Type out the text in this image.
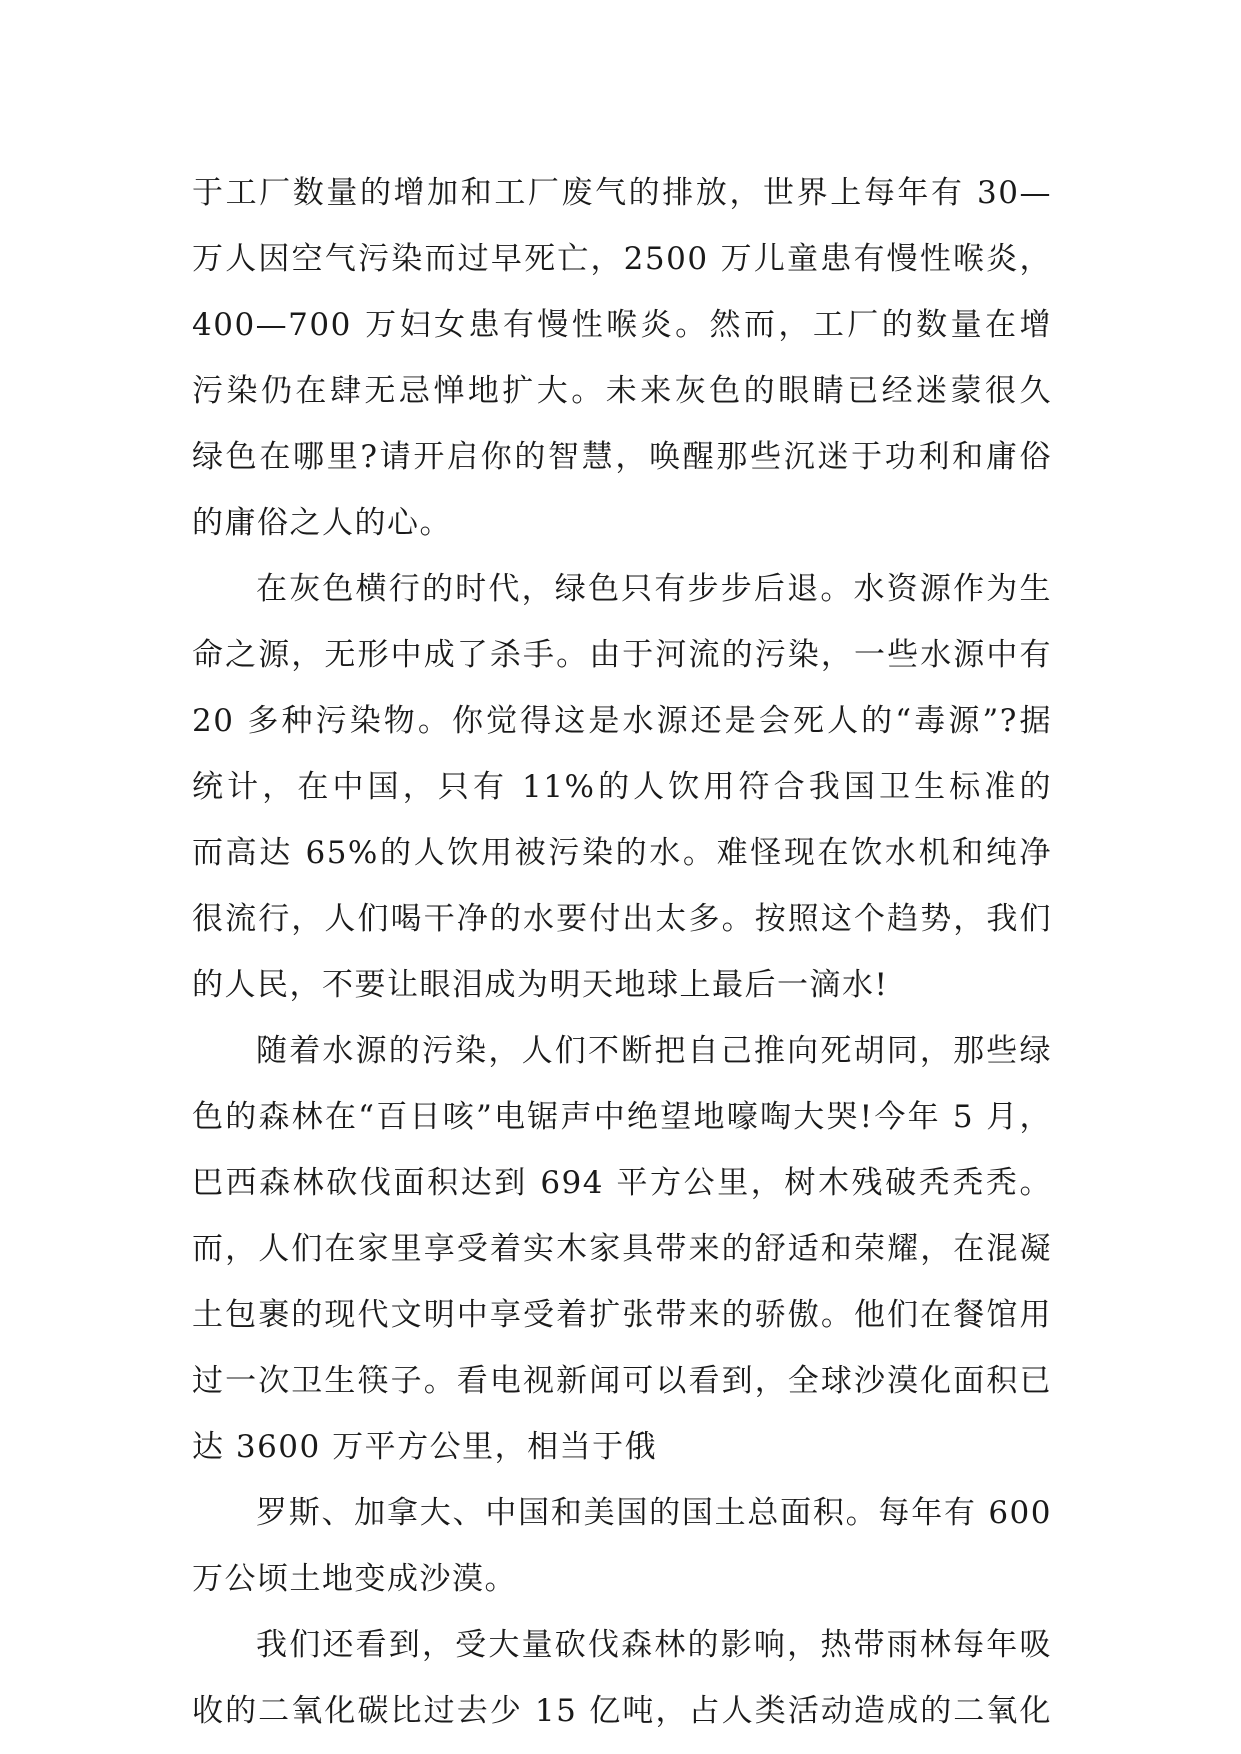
于工厂数量的增加和工厂废气的排放，世界上每年有 30—
万人因空气污染而过早死亡，2500 万儿童患有慢性喉炎，
400—700 万妇女患有慢性喉炎。然而，工厂的数量在增
污染仍在肆无忌惮地扩大。未来灰色的眼睛已经迷蒙很久
绿色在哪里?请开启你的智慧，唤醒那些沉迷于功利和庸俗
的庸俗之人的心。
在灰色横行的时代，绿色只有步步后退。水资源作为生
命之源，无形中成了杀手。由于河流的污染，一些水源中有
20 多种污染物。你觉得这是水源还是会死人的“毒源”?据
统计，在中国，只有 11%的人饮用符合我国卫生标准的
而高达 65%的人饮用被污染的水。难怪现在饮水机和纯净
很流行，人们喝干净的水要付出太多。按照这个趋势，我们
的人民，不要让眼泪成为明天地球上最后一滴水!
随着水源的污染，人们不断把自己推向死胡同，那些绿
色的森林在“百日咳”电锯声中绝望地嚎啕大哭!今年 5 月，
巴西森林砍伐面积达到 694 平方公里，树木残破秃秃秃。
而，人们在家里享受着实木家具带来的舒适和荣耀，在混凝
土包裹的现代文明中享受着扩张带来的骄傲。他们在餐馆用
过一次卫生筷子。看电视新闻可以看到，全球沙漠化面积已
达 3600 万平方公里，相当于俄
罗斯、加拿大、中国和美国的国土总面积。每年有 600
万公顷土地变成沙漠。
我们还看到，受大量砍伐森林的影响，热带雨林每年吸
收的二氧化碳比过去少 15 亿吨，占人类活动造成的二氧化
